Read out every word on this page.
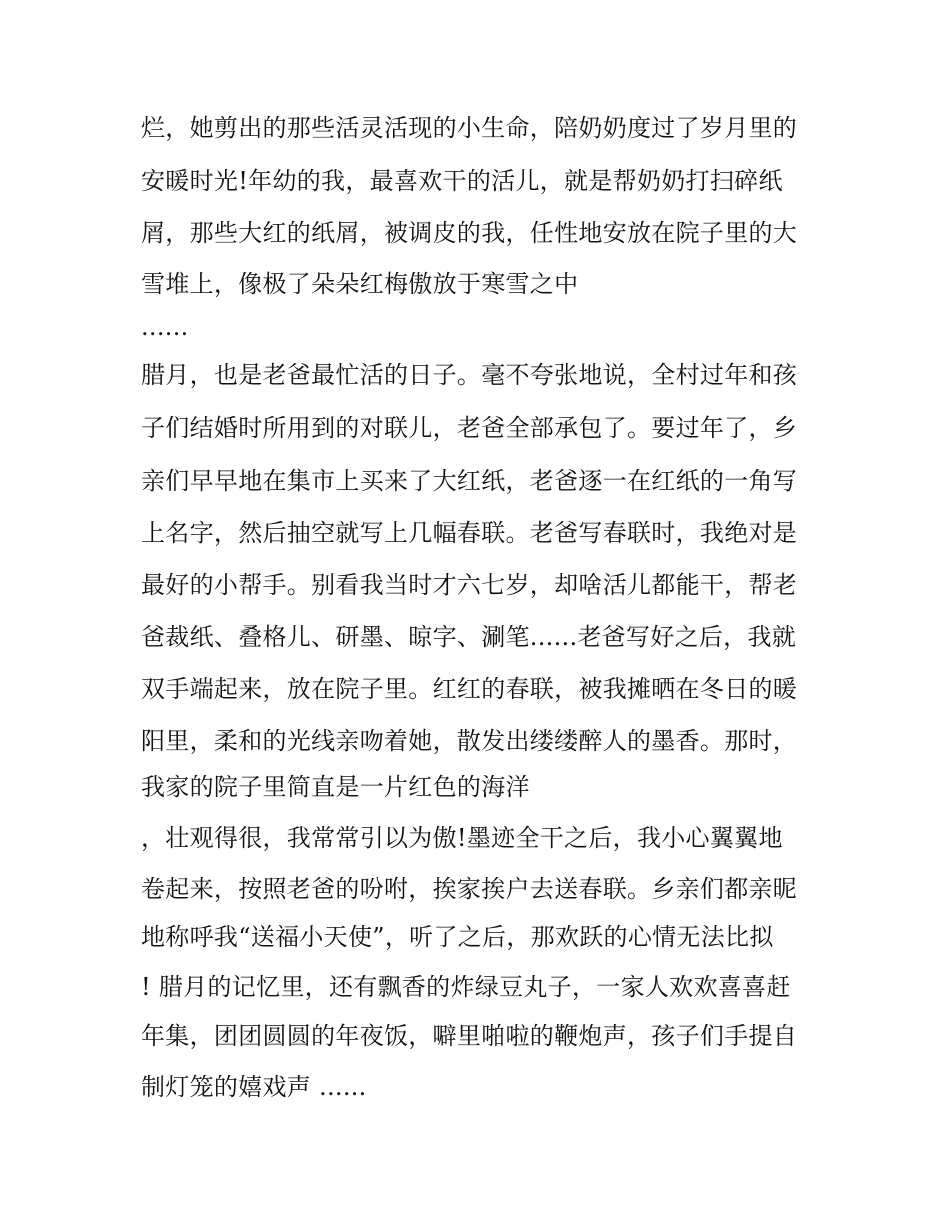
烂，她剪出的那些活灵活现的小生命，陪奶奶度过了岁月里的
安暖时光!年幼的我，最喜欢干的活儿，就是帮奶奶打扫碎纸
屑，那些大红的纸屑，被调皮的我，任性地安放在院子里的大
雪堆上，像极了朵朵红梅傲放于寒雪之中
......
腊月，也是老爸最忙活的日子。毫不夸张地说，全村过年和孩
子们结婚时所用到的对联儿，老爸全部承包了。要过年了，乡
亲们早早地在集市上买来了大红纸，老爸逐一在红纸的一角写
上名字，然后抽空就写上几幅春联。老爸写春联时，我绝对是
最好的小帮手。别看我当时才六七岁，却啥活儿都能干，帮老
爸裁纸、叠格儿、研墨、晾字、涮笔......老爸写好之后，我就
双手端起来，放在院子里。红红的春联，被我摊晒在冬日的暖
阳里，柔和的光线亲吻着她，散发出缕缕醉人的墨香。那时，
我家的院子里简直是一片红色的海洋
，壮观得很，我常常引以为傲!墨迹全干之后，我小心翼翼地
卷起来，按照老爸的吩咐，挨家挨户去送春联。乡亲们都亲昵
地称呼我“送福小天使”，听了之后，那欢跃的心情无法比拟
! 腊月的记忆里，还有飘香的炸绿豆丸子，一家人欢欢喜喜赶
年集，团团圆圆的年夜饭，噼里啪啦的鞭炮声，孩子们手提自
制灯笼的嬉戏声 ......
